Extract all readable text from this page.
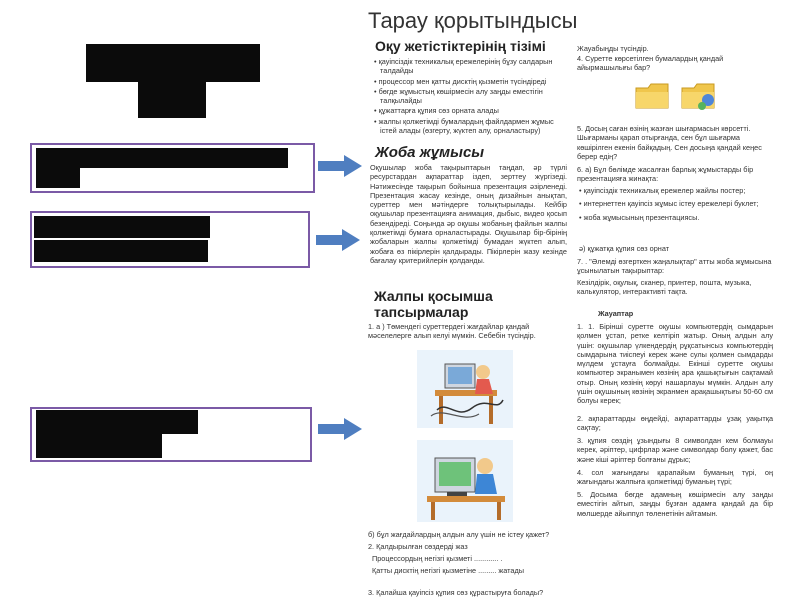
Тарау қорытындысы
Оқу жетістіктерінің тізімі

• қауіпсіздік техникалық ережелерінің бұзу салдарын талдайды

• процессор мен қатты дисктің қызметін түсіндіреді

• бөгде жұмыстың көшірмесін алу заңды еместігін талқылайды

• құжаттарға құпия сөз орната алады

• жалпы қолжетімді бумалардың файлдармен жұмыс істей алады (өзгерту, жүктеп алу, орналастыру)

Жоба жұмысы
Оқушылар жоба тақырыптарын таңдап, әр түрлі ресурстардан ақпараттар іздеп, зерттеу жүргізеді. Нәтижесінде тақырып бойынша презентация әзірленеді. Презентация жасау кезінде, оның дизайнын анықтап, суреттер мен мәтіндерге толықтырылады. Кейбір оқушылар презентацияға анимация, дыбыс, видео қосып безендіреді. Соңында әр оқушы жобаның файлын жалпы қолжетімді бумаға орналастырады. Оқушылар бір-бірінің жобаларын жалпы қолжетімді бумадан жүктеп алып, жобаға өз пікірлерін қалдырады. Пікірлерін жазу кезінде бағалау критерийлерін қолданды.
Жалпы қосымша тапсырмалар
1. а ) Төмендегі суреттердегі жағдайлар қандай мәселелерге алып келуі мүмкін. Себебін түсіндір.
б) бұл жағдайлардың алдын алу үшін не істеу қажет?
2. Қалдырылған сөздерді жаз
Процессордың негізгі қызметі ............ .
Қатты дисктің негізгі қызметіне ......... жатады
3. Қалайша қауіпсіз құпия сөз құрастыруға болады?
Жауабыңды түсіндір.
4. Суретте көрсетілген бумалардың қандай айырмашылығы бар?
5. Досың саған өзінің жазған шығармасын көрсетті. Шығарманы қарап отырғанда, сен бұл шығарма көшірілген екенін байқадың. Сен досыңа қандай кеңес берер едің?
6. а) Бұл бөлімде жасалған барлық жұмыстарды бір презентацияға жинақта:

• қауіпсіздік техникалық ережелер жайлы постер;

• интернеттен қауіпсіз жұмыс істеу ережелері буклет;

• жоба жұмысының презентациясы.

ә) құжатқа құпия сөз орнат
7. . "Әлемді өзгерткен жаңалықтар" атты жоба жұмысына ұсынылатын тақырыптар:
Кезілдірік, оқулық, сканер, принтер, пошта, музыка, калькулятор, интерактивті тақта.
Жауаптар
1. 1. Бірінші суретте оқушы компьютердің сымдарын қолмен ұстап, ретке келтіріп жатыр. Оның алдын алу үшін: оқушылар үлкендердің рұқсатынсыз компьютердің сымдарына тиіспеуі керек және сулы қолмен сымдарды мүлдем ұстауға болмайды. Екінші суретте оқушы компьютер экранымен көзінің ара қашықтығын сақтамай отыр. Оның көзінің көруі нашарлауы мүмкін. Алдын алу үшін оқушының көзінің экранмен арақашықтығы 50-60 см болуы керек;
2. ақпараттарды өңдейді, ақпараттарды ұзақ уақытқа сақтау;
3. құпия сөздің ұзындығы 8 символдан кем болмауы керек, әріптер, цифрлар және символдар болу қажет, бас және кіші әріптер болғаны дұрыс;
4. сол жағындағы қарапайым буманың түрі, оң жағындағы жалпыға қолжетімді буманың түрі;
5. Досыма бөгде адамның көшірмесін алу заңды еместігін айтып, заңды бұзған адамға қандай да бір мөлшерде айыппұл төленетінін айтамын.
